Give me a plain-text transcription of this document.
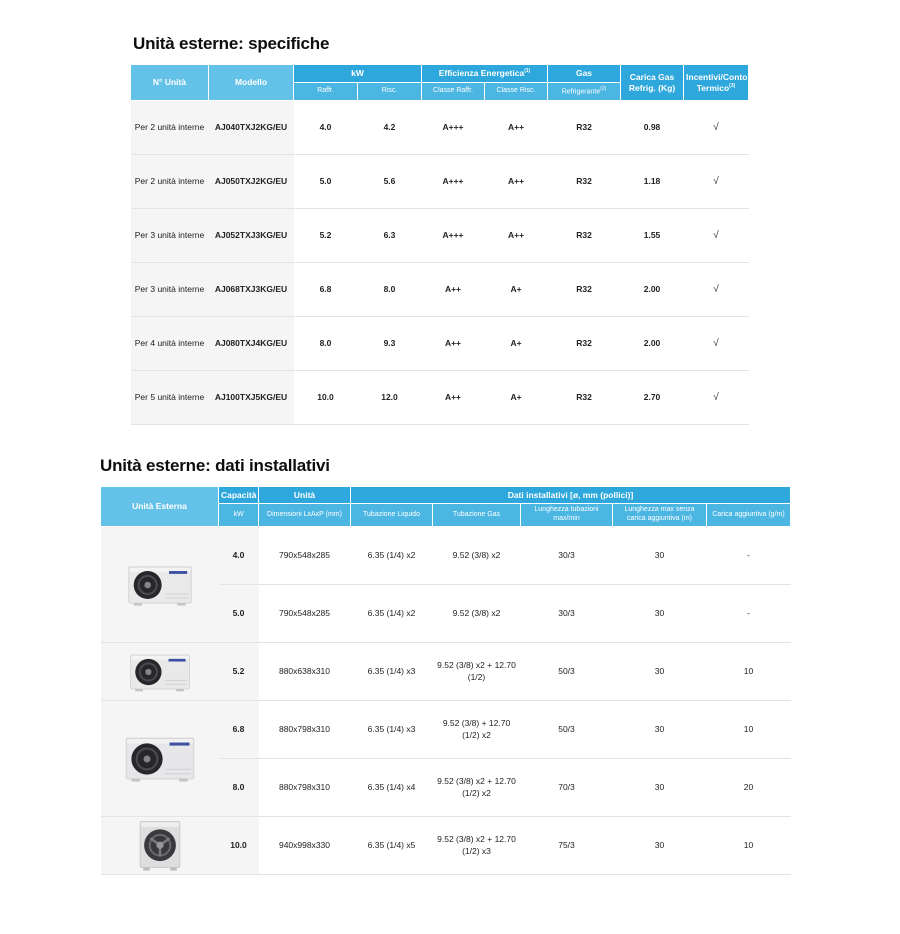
Unità esterne: specifiche
N° Unità	Modello	kW		Efficienza Energetica$^{(1)}$		Gas	Carica Gas Refrig. (Kg)	Incentivi/Conto Termico$^{(3)}$
		Raffr.	Risc.	Classe Raffr.	Classe Risc.	Refrigerante$^{(2)}$
Per 2 unità interne	AJ040TXJ2KG/EU	4.0	4.2	A+++	A++	R32	0.98	√
Per 2 unità interne	AJ050TXJ2KG/EU	5.0	5.6	A+++	A++	R32	1.18	√
Per 3 unità interne	AJ052TXJ3KG/EU	5.2	6.3	A+++	A++	R32	1.55	√
Per 3 unità interne	AJ068TXJ3KG/EU	6.8	8.0	A++	A+	R32	2.00	√
Per 4 unità interne	AJ080TXJ4KG/EU	8.0	9.3	A++	A+	R32	2.00	√
Per 5 unità interne	AJ100TXJ5KG/EU	10.0	12.0	A++	A+	R32	2.70	√
Unità esterne: dati installativi
Unità Esterna	Capacità	Unità	Dati installativi [ø, mm (pollici)]				
	kW	Dimensioni LxAxP (mm)	Tubazione Liquido	Tubazione Gas	Lunghezza tubazioni max/min	Lunghezza max senza carica aggiuntiva (m)	Carica aggiuntiva (g/m)

	4.0	790x548x285	6.35 (1/4) x2	9.52 (3/8) x2	30/3	30	-
	5.0	790x548x285	6.35 (1/4) x2	9.52 (3/8) x2	30/3	30	-

	5.2	880x638x310	6.35 (1/4) x3	9.52 (3/8) x2 + 12.70 (1/2)	50/3	30	10

	6.8	880x798x310	6.35 (1/4) x3	9.52 (3/8) + 12.70 (1/2) x2	50/3	30	10
	8.0	880x798x310	6.35 (1/4) x4	9.52 (3/8) x2 + 12.70 (1/2) x2	70/3	30	20

	10.0	940x998x330	6.35 (1/4) x5	9.52 (3/8) x2 + 12.70 (1/2) x3	75/3	30	10
